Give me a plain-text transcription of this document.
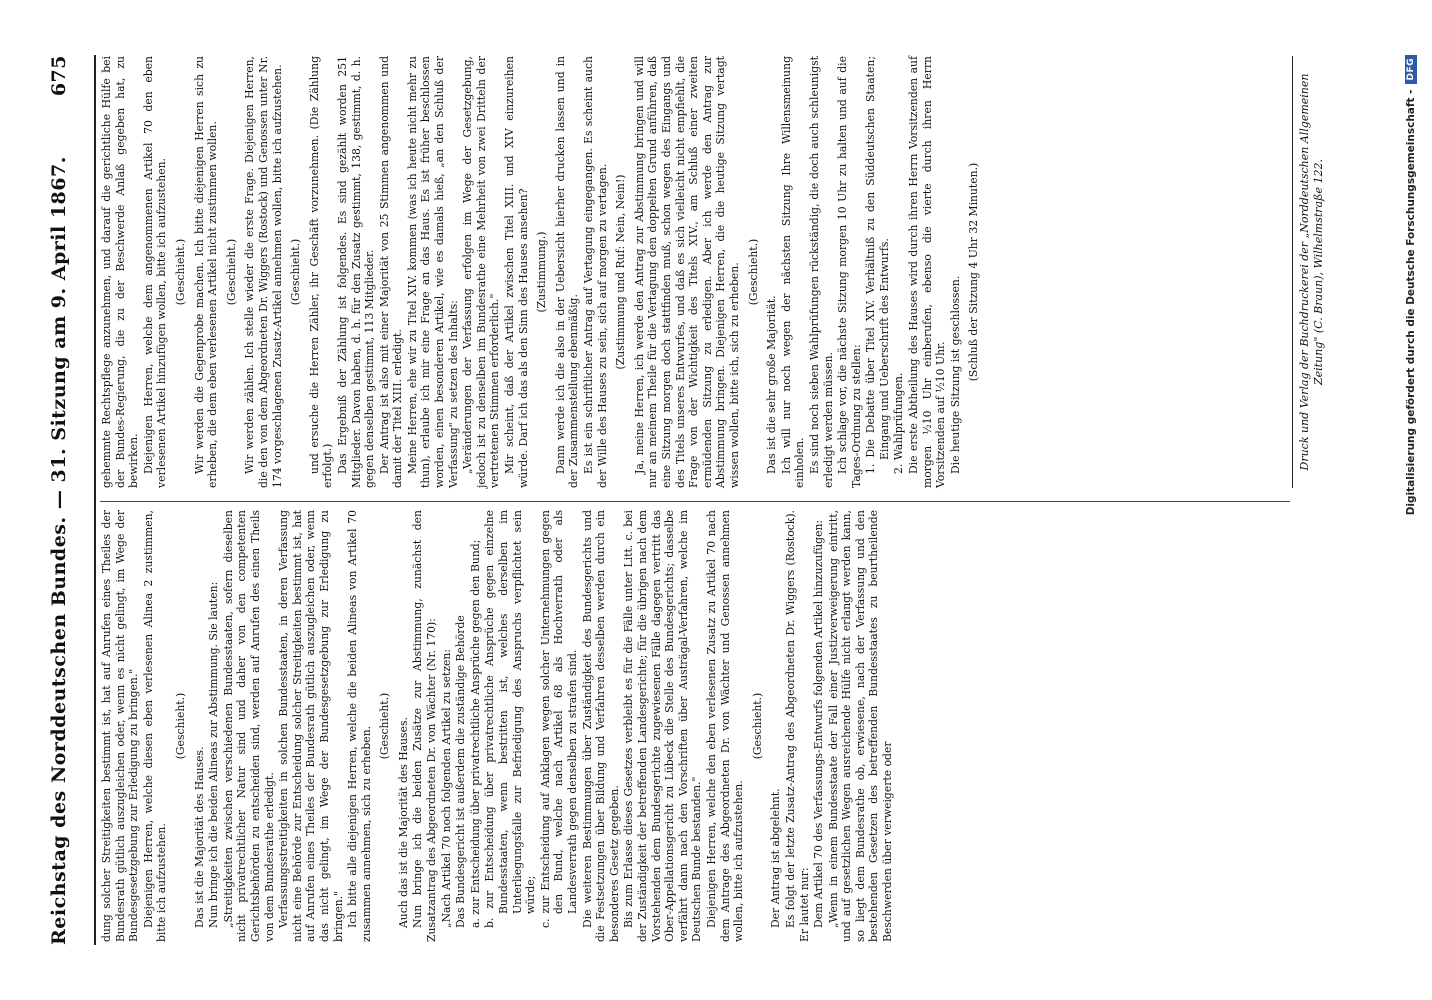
Reichstag des Norddeutschen Bundes.
— 31. Sitzung am 9. April 1867.
675

dung solcher Streitigkeiten bestimmt ist, hat auf Anrufen eines Theiles der Bundesrath gütlich auszugleichen oder, wenn es nicht gelingt, im Wege der Bundesgesetzgebung zur Erledigung zu bringen." Diejenigen Herren, welche diesen eben verlesenen Alinea 2 zustimmen, bitte ich aufzustehen.

(Geschieht.)

Das ist die Majorität des Hauses. Nun bringe ich die beiden Alineas zur Abstimmung. Sie lauten: „Streitigkeiten zwischen verschiedenen Bundesstaaten, sofern dieselben nicht privatrechtlicher Natur sind und daher von den competenten Gerichtsbehörden zu entscheiden sind, werden auf Anrufen des einen Theils von dem Bundesrathe erledigt. Verfassungsstreitigkeiten in solchen Bundesstaaten, in deren Verfassung nicht eine Behörde zur Entscheidung solcher Streitigkeiten bestimmt ist, hat auf Anrufen eines Theiles der Bundesrath gütlich auszugleichen oder, wenn das nicht gelingt, im Wege der Bundesgesetzgebung zur Erledigung zu bringen." Ich bitte alle diejenigen Herren, welche die beiden Alineas von Artikel 70 zusammen annehmen, sich zu erheben. (Geschieht.) Auch das ist die Majorität des Hauses. Nun bringe ich die beiden Zusätze zur Abstimmung, zunächst den Zusatzantrag des Abgeordneten Dr. von Wächter (Nr. 170): „Nach Artikel 70 noch folgenden Artikel zu setzen: Das Bundesgericht ist außerdem die zuständige Behörde a. zur Entscheidung über privatrechtliche Ansprüche gegen den Bund; b. zur Entscheidung über privatrechtliche Ansprüche gegen einzelne Bundesstaaten, wenn bestritten ist, welches derselben im Unterliegungsfalle zur Befriedigung des Anspruchs verpflichtet sein würde; c. zur Entscheidung auf Anklagen wegen solcher Unternehmungen gegen den Bund, welche nach Artikel 68 als Hochverrath oder als Landesverrath gegen denselben zu strafen sind. Die weiteren Bestimmungen über Zuständigkeit des Bundesgerichts und die Festsetzungen über Bildung und Verfahren desselben werden durch ein besonderes Gesetz gegeben. Bis zum Erlasse dieses Gesetzes verbleibt es für die Fälle unter Litt. c. bei der Zuständigkeit der betreffenden Landesgerichte; für die übrigen nach dem Vorstehenden dem Bundesgerichte zugewiesenen Fälle dagegen vertritt das Ober-Appellationsgericht zu Lübeck die Stelle des Bundesgerichts; dasselbe verfährt dann nach den Vorschriften über Austrägal-Verfahren, welche im Deutschen Bunde bestanden." Diejenigen Herren, welche den eben verlesenen Zusatz zu Artikel 70 nach dem Antrage des Abgeordneten Dr. von Wächter und Genossen annehmen wollen, bitte ich aufzustehen.

(Geschieht.)

Der Antrag ist abgelehnt. Es folgt der letzte Zusatz-Antrag des Abgeordneten Dr. Wiggers (Rostock). Er lautet nur: Dem Artikel 70 des Verfassungs-Entwurfs folgenden Artikel hinzuzufügen: „Wenn in einem Bundesstaate der Fall einer Justizverweigerung eintritt, und auf gesetzlichen Wegen ausreichende Hülfe nicht erlangt werden kann, so liegt dem Bundesrathe ob, erwiesene, nach der Verfassung und den bestehenden Gesetzen des betreffenden Bundesstaates zu beurtheilende Beschwerden über verweigerte oder

gehemmte Rechtspflege anzunehmen, und darauf die gerichtliche Hülfe bei der Bundes-Regierung, die zu der Beschwerde Anlaß gegeben hat, zu bewirken. Diejenigen Herren, welche dem angenommenen Artikel 70 den eben verlesenen Artikel hinzufügen wollen, bitte ich aufzustehen. (Geschieht.) Wir werden die Gegenprobe machen. Ich bitte diejenigen Herren sich zu erheben, die dem eben verlesenen Artikel nicht zustimmen wollen. (Geschieht.) Wir werden zählen. Ich stelle wieder die erste Frage. Diejenigen Herren, die den von dem Abgeordneten Dr. Wiggers (Rostock) und Genossen unter Nr. 174 vorgeschlagenen Zusatz-Artikel annehmen wollen, bitte ich aufzustehen. (Geschieht.) und ersuche die Herren Zähler, ihr Geschäft vorzunehmen. (Die Zählung erfolgt.) Das Ergebniß der Zählung ist folgendes. Es sind gezählt worden 251 Mitglieder. Davon haben, d. h. für den Zusatz gestimmt, 138, gestimmt, d. h. gegen denselben gestimmt, 113 Mitglieder. Der Antrag ist also mit einer Majorität von 25 Stimmen angenommen und damit der Titel XIII. erledigt. Meine Herren, ehe wir zu Titel XIV. kommen (was ich heute nicht mehr zu thun), erlaube ich mir eine Frage an das Haus. Es ist früher beschlossen worden, einen besonderen Artikel, wie es damals hieß, „an den Schluß der Verfassung" zu setzen des Inhalts: „Veränderungen der Verfassung erfolgen im Wege der Gesetzgebung, jedoch ist zu denselben im Bundesrathe eine Mehrheit von zwei Dritteln der vertretenen Stimmen erforderlich." Mir scheint, daß der Artikel zwischen Titel XIII. und XIV einzureihen würde. Darf ich das als den Sinn des Hauses ansehen? (Zustimmung.) Dann werde ich die also in der Uebersicht hierher drucken lassen und in der Zusammenstellung ebenmäßig. Es ist ein schriftlicher Antrag auf Vertagung eingegangen. Es scheint auch der Wille des Hauses zu sein, sich auf morgen zu vertagen. (Zustimmung und Ruf: Nein, Nein!) Ja, meine Herren, ich werde den Antrag zur Abstimmung bringen und will nur an meinem Theile für die Vertagung den doppelten Grund anführen, daß eine Sitzung morgen doch stattfinden muß, schon wegen des Eingangs und des Titels unseres Entwurfes, und daß es sich vielleicht nicht empfiehlt, die Frage von der Wichtigkeit des Titels XIV., am Schluß einer zweiten ermüdenden Sitzung zu erledigen. Aber ich werde den Antrag zur Abstimmung bringen. Diejenigen Herren, die die heutige Sitzung vertagt wissen wollen, bitte ich, sich zu erheben. (Geschieht.)

Das ist die sehr große Majorität. Ich will nur noch wegen der nächsten Sitzung Ihre Willensmeinung einholen. Es sind noch sieben Wahlprüfungen rückständig, die doch auch schleunigst erledigt werden müssen. Ich schlage vor, die nächste Sitzung morgen 10 Uhr zu halten und auf die Tages-Ordnung zu stellen: 1. Die Debatte über Titel XIV. Verhältniß zu den Süddeutschen Staaten; Eingang und Ueberschrift des Entwurfs. 2. Wahlprüfungen. Die erste Abtheilung des Hauses wird durch ihren Herrn Vorsitzenden auf morgen ½10 Uhr einberufen, ebenso die vierte durch ihren Herrn Vorsitzenden auf ½10 Uhr. Die heutige Sitzung ist geschlossen. (Schluß der Sitzung 4 Uhr 32 Minuten.)	Druck und Verlag der Buchdruckerei der „Norddeutschen Allgemeinen Zeitung" (C. Braun), Wilhelmstraße 122.	Digitalisierung gefördert durch die Deutsche Forschungsgemeinschaft -
DFG
